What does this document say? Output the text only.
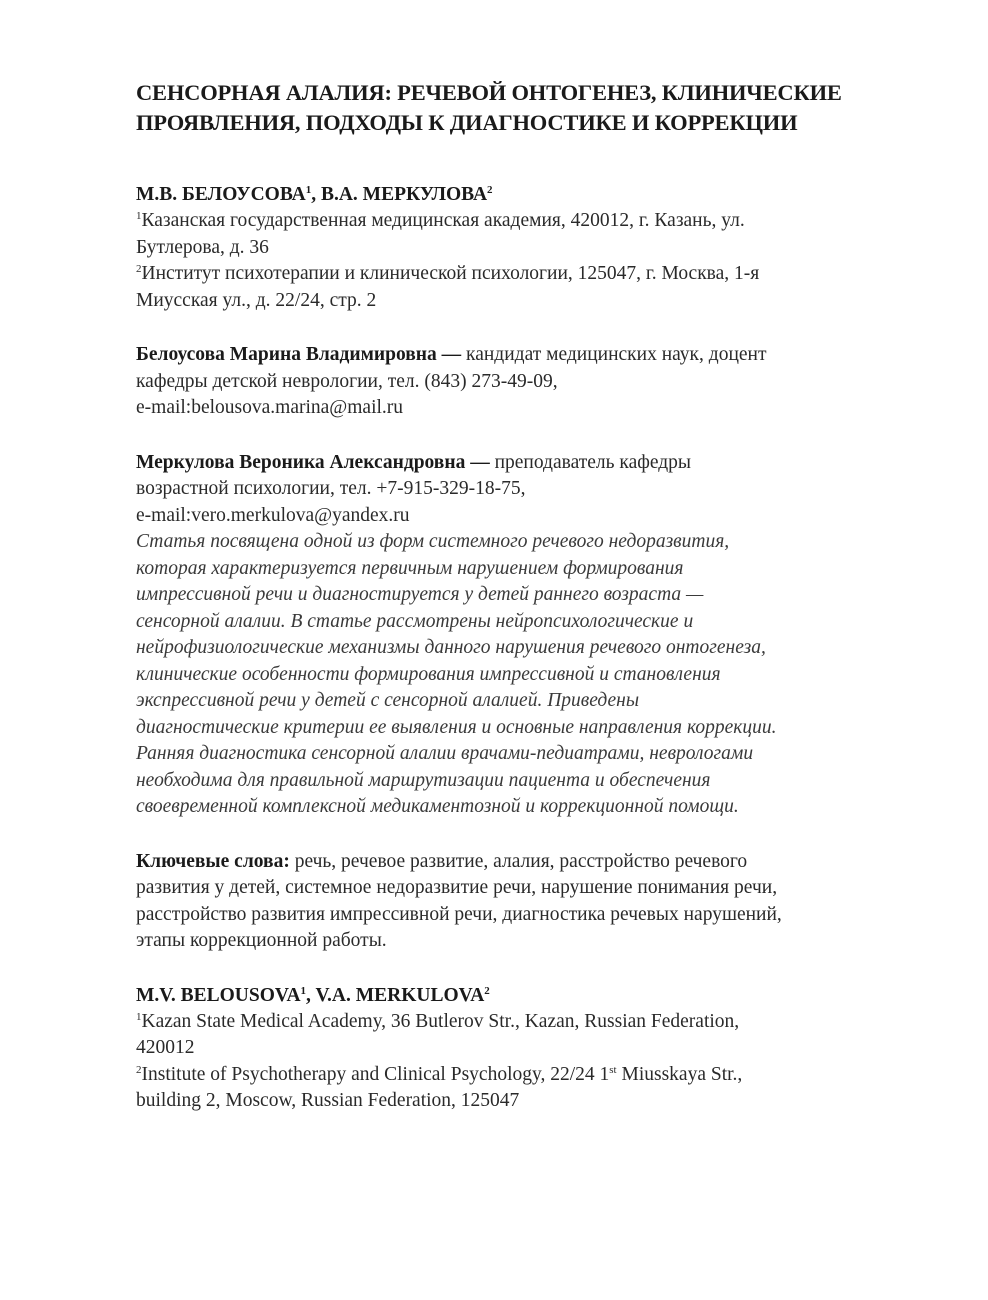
СЕНСОРНАЯ АЛАЛИЯ: РЕЧЕВОЙ ОНТОГЕНЕЗ, КЛИНИЧЕСКИЕ
ПРОЯВЛЕНИЯ, ПОДХОДЫ К ДИАГНОСТИКЕ И КОРРЕКЦИИ
М.В. БЕЛОУСОВА$^1$, В.А. МЕРКУЛОВА$^2$
$^1$Казанская государственная медицинская академия, 420012, г. Казань, ул.
Бутлерова, д. 36
$^2$Институт психотерапии и клинической психологии, 125047, г. Москва, 1-я
Миусская ул., д. 22/24, стр. 2
Белоусова Марина Владимировна — кандидат медицинских наук, доцент
кафедры детской неврологии, тел. (843) 273-49-09,
e-mail:belousova.marina@mail.ru
Меркулова Вероника Александровна — преподаватель кафедры
возрастной психологии, тел. +7-915-329-18-75,
e-mail:vero.merkulova@yandex.ru
Статья посвящена одной из форм системного речевого недоразвития,
которая характеризуется первичным нарушением формирования
импрессивной речи и диагностируется у детей раннего возраста —
сенсорной алалии. В статье рассмотрены нейропсихологические и
нейрофизиологические механизмы данного нарушения речевого онтогенеза,
клинические особенности формирования импрессивной и становления
экспрессивной речи у детей с сенсорной алалией. Приведены
диагностические критерии ее выявления и основные направления коррекции.
Ранняя диагностика сенсорной алалии врачами-педиатрами, неврологами
необходима для правильной маршрутизации пациента и обеспечения
своевременной комплексной медикаментозной и коррекционной помощи.
Ключевые слова: речь, речевое развитие, алалия, расстройство речевого
развития у детей, системное недоразвитие речи, нарушение понимания речи,
расстройство развития импрессивной речи, диагностика речевых нарушений,
этапы коррекционной работы.
M.V. BELOUSOVA$^1$, V.A. MERKULOVA$^2$
$^1$Kazan State Medical Academy, 36 Butlerov Str., Kazan, Russian Federation,
420012
$^2$Institute of Psychotherapy and Clinical Psychology, 22/24 1st Miusskaya Str.,
building 2, Moscow, Russian Federation, 125047
